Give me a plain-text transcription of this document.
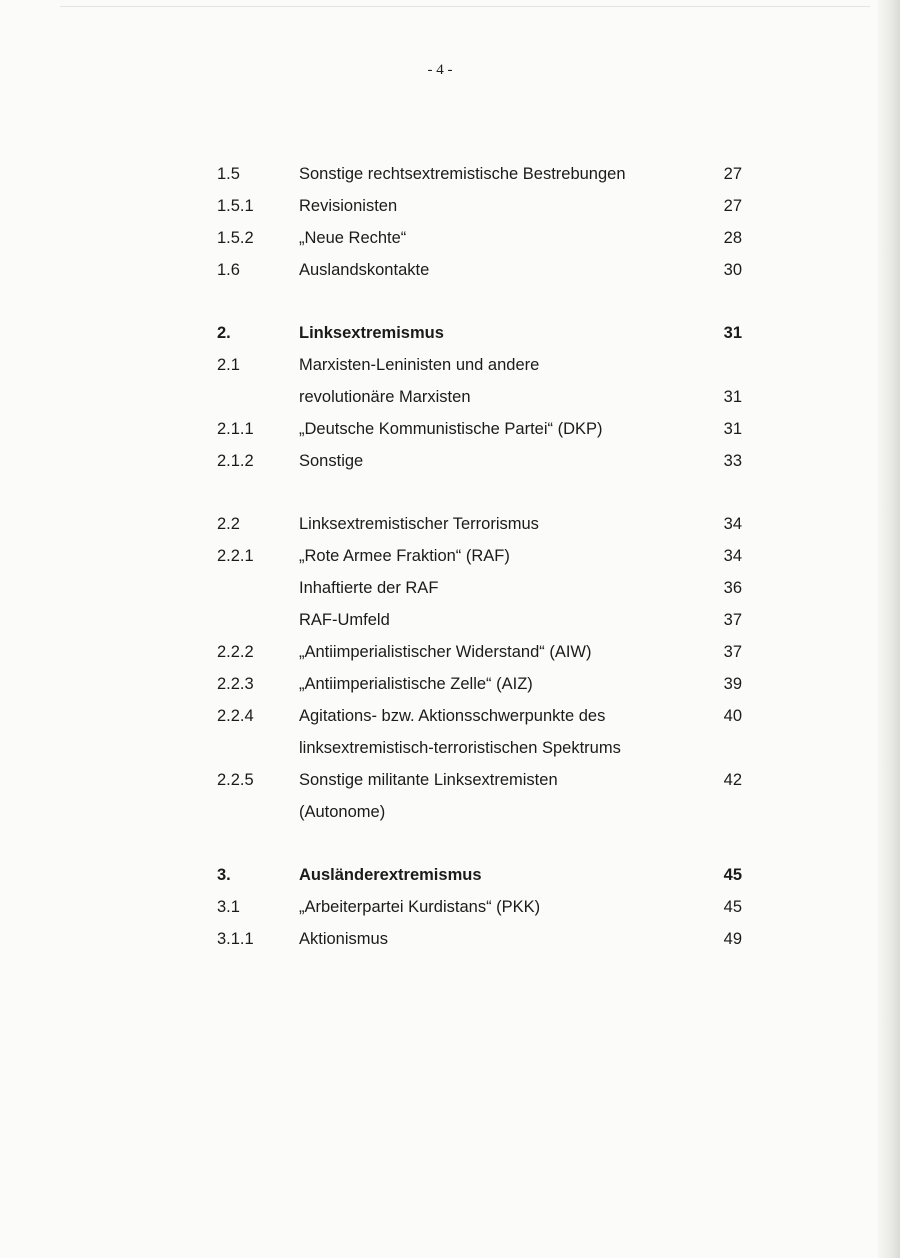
- 4 -
1.5	Sonstige rechtsextremistische Bestrebungen	27
1.5.1	Revisionisten	27
1.5.2	„Neue Rechte“	28
1.6	Auslandskontakte	30
2.	Linksextremismus	31
2.1	Marxisten-Leninisten und andere
revolutionäre Marxisten	31
2.1.1	„Deutsche Kommunistische Partei“ (DKP)	31
2.1.2	Sonstige	33
2.2	Linksextremistischer Terrorismus	34
2.2.1	„Rote Armee Fraktion“ (RAF)	34
Inhaftierte der RAF	36
RAF-Umfeld	37
2.2.2	„Antiimperialistischer Widerstand“ (AIW)	37
2.2.3	„Antiimperialistische Zelle“ (AIZ)	39
2.2.4	Agitations- bzw. Aktionsschwerpunkte des	40
linksextremistisch-terroristischen Spektrums
2.2.5	Sonstige militante Linksextremisten	42
(Autonome)
3.	Ausländerextremismus	45
3.1	„Arbeiterpartei Kurdistans“ (PKK)	45
3.1.1	Aktionismus	49
